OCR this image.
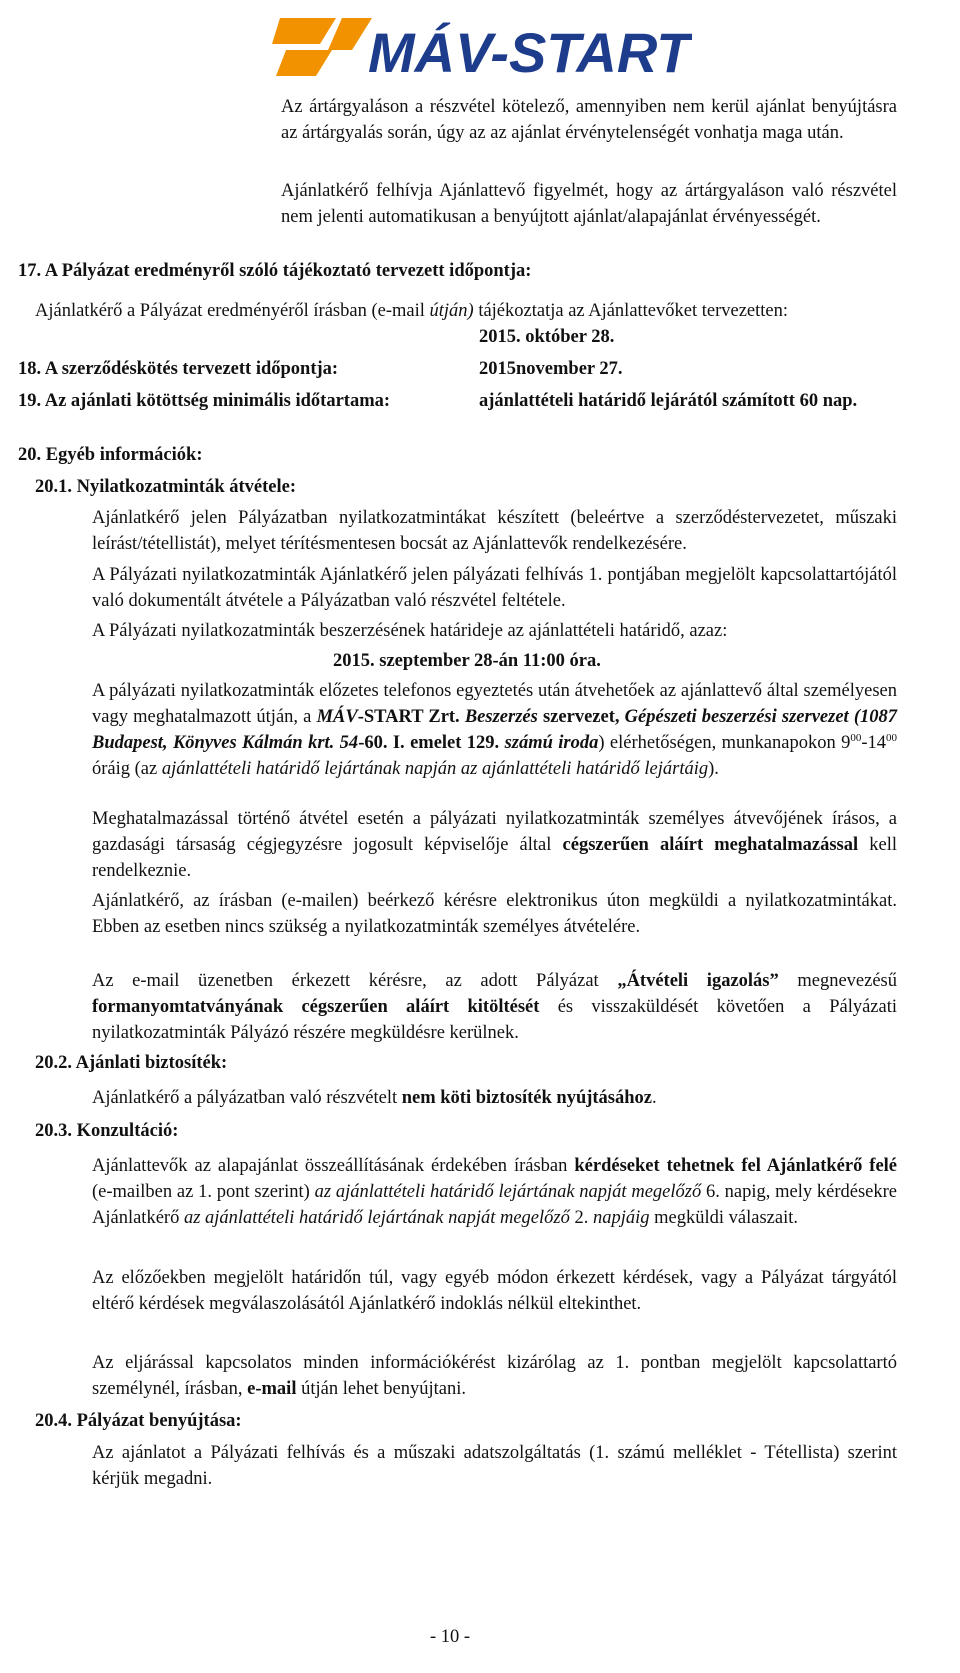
MÁV-START
Az ártárgyaláson a részvétel kötelező, amennyiben nem kerül ajánlat benyújtásra az ártárgyalás során, úgy az az ajánlat érvénytelenségét vonhatja maga után.
Ajánlatkérő felhívja Ajánlattevő figyelmét, hogy az ártárgyaláson való részvétel nem jelenti automatikusan a benyújtott ajánlat/alapajánlat érvényességét.
17. A Pályázat eredményről szóló tájékoztató tervezett időpontja:
Ajánlatkérő a Pályázat eredményéről írásban (e-mail útján) tájékoztatja az Ajánlattevőket tervezetten:
2015. október 28.
18. A szerződéskötés tervezett időpontja:	2015november 27.
19. Az ajánlati kötöttség minimális időtartama:	ajánlattételi határidő lejárától számított 60 nap.
20. Egyéb információk:
20.1. Nyilatkozatminták átvétele:
Ajánlatkérő jelen Pályázatban nyilatkozatmintákat készített (beleértve a szerződéstervezetet, műszaki leírást/tétellistát), melyet térítésmentesen bocsát az Ajánlattevők rendelkezésére.
A Pályázati nyilatkozatminták Ajánlatkérő jelen pályázati felhívás 1. pontjában megjelölt kapcsolattartójától való dokumentált átvétele a Pályázatban való részvétel feltétele.
A Pályázati nyilatkozatminták beszerzésének határideje az ajánlattételi határidő, azaz:
2015. szeptember 28-án 11:00 óra.
A pályázati nyilatkozatminták előzetes telefonos egyeztetés után átvehetőek az ajánlattevő által személyesen vagy meghatalmazott útján, a MÁV-START Zrt. Beszerzés szervezet, Gépészeti beszerzési szervezet (1087 Budapest, Könyves Kálmán krt. 54-60. I. emelet 129. számú iroda) elérhetőségen, munkanapokon $9^{00}-14^{00}$ óráig (az ajánlattételi határidő lejártának napján az ajánlattételi határidő lejártáig).
Meghatalmazással történő átvétel esetén a pályázati nyilatkozatminták személyes átvevőjének írásos, a gazdasági társaság cégjegyzésre jogosult képviselője által cégszerűen aláírt meghatalmazással kell rendelkeznie.
Ajánlatkérő, az írásban (e-mailen) beérkező kérésre elektronikus úton megküldi a nyilatkozatmintákat. Ebben az esetben nincs szükség a nyilatkozatminták személyes átvételére.
Az e-mail üzenetben érkezett kérésre, az adott Pályázat „Átvételi igazolás” megnevezésű formanyomtatványának cégszerűen aláírt kitöltését és visszaküldését követően a Pályázati nyilatkozatminták Pályázó részére megküldésre kerülnek.
20.2. Ajánlati biztosíték:
Ajánlatkérő a pályázatban való részvételt nem köti biztosíték nyújtásához.
20.3. Konzultáció:
Ajánlattevők az alapajánlat összeállításának érdekében írásban kérdéseket tehetnek fel Ajánlatkérő felé (e-mailben az 1. pont szerint) az ajánlattételi határidő lejártának napját megelőző 6. napig, mely kérdésekre Ajánlatkérő az ajánlattételi határidő lejártának napját megelőző 2. napjáig megküldi válaszait.
Az előzőekben megjelölt határidőn túl, vagy egyéb módon érkezett kérdések, vagy a Pályázat tárgyától eltérő kérdések megválaszolásától Ajánlatkérő indoklás nélkül eltekinthet.
Az eljárással kapcsolatos minden információkérést kizárólag az 1. pontban megjelölt kapcsolattartó személynél, írásban, e-mail útján lehet benyújtani.
20.4. Pályázat benyújtása:
Az ajánlatot a Pályázati felhívás és a műszaki adatszolgáltatás (1. számú melléklet - Tétellista) szerint kérjük megadni.
- 10 -
